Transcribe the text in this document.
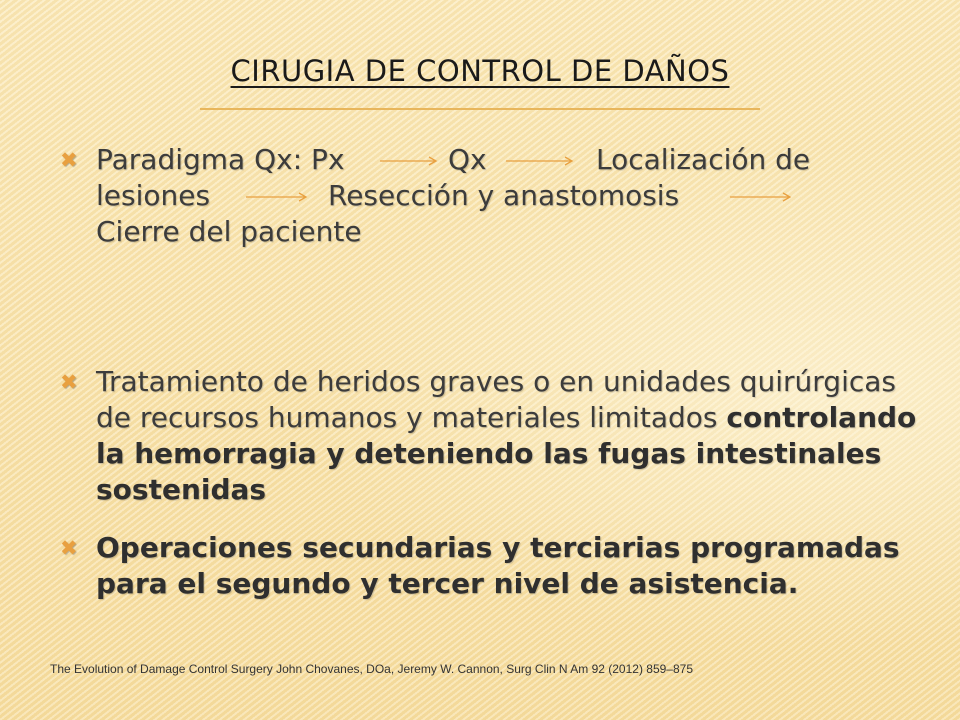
CIRUGIA DE CONTROL DE DAÑOS
✖ Paradigma Qx: Px	Qx	Localización de
lesiones	Resección y anastomosis
Cierre del paciente
✖ Tratamiento de heridos graves o en unidades quirúrgicas de recursos humanos y materiales limitados controlando la hemorragia y deteniendo las fugas intestinales sostenidas
✖ Operaciones secundarias y terciarias programadas para el segundo y tercer nivel de asistencia.
The Evolution of Damage Control Surgery John Chovanes, DOa, Jeremy W. Cannon, Surg Clin N Am 92 (2012) 859–875
